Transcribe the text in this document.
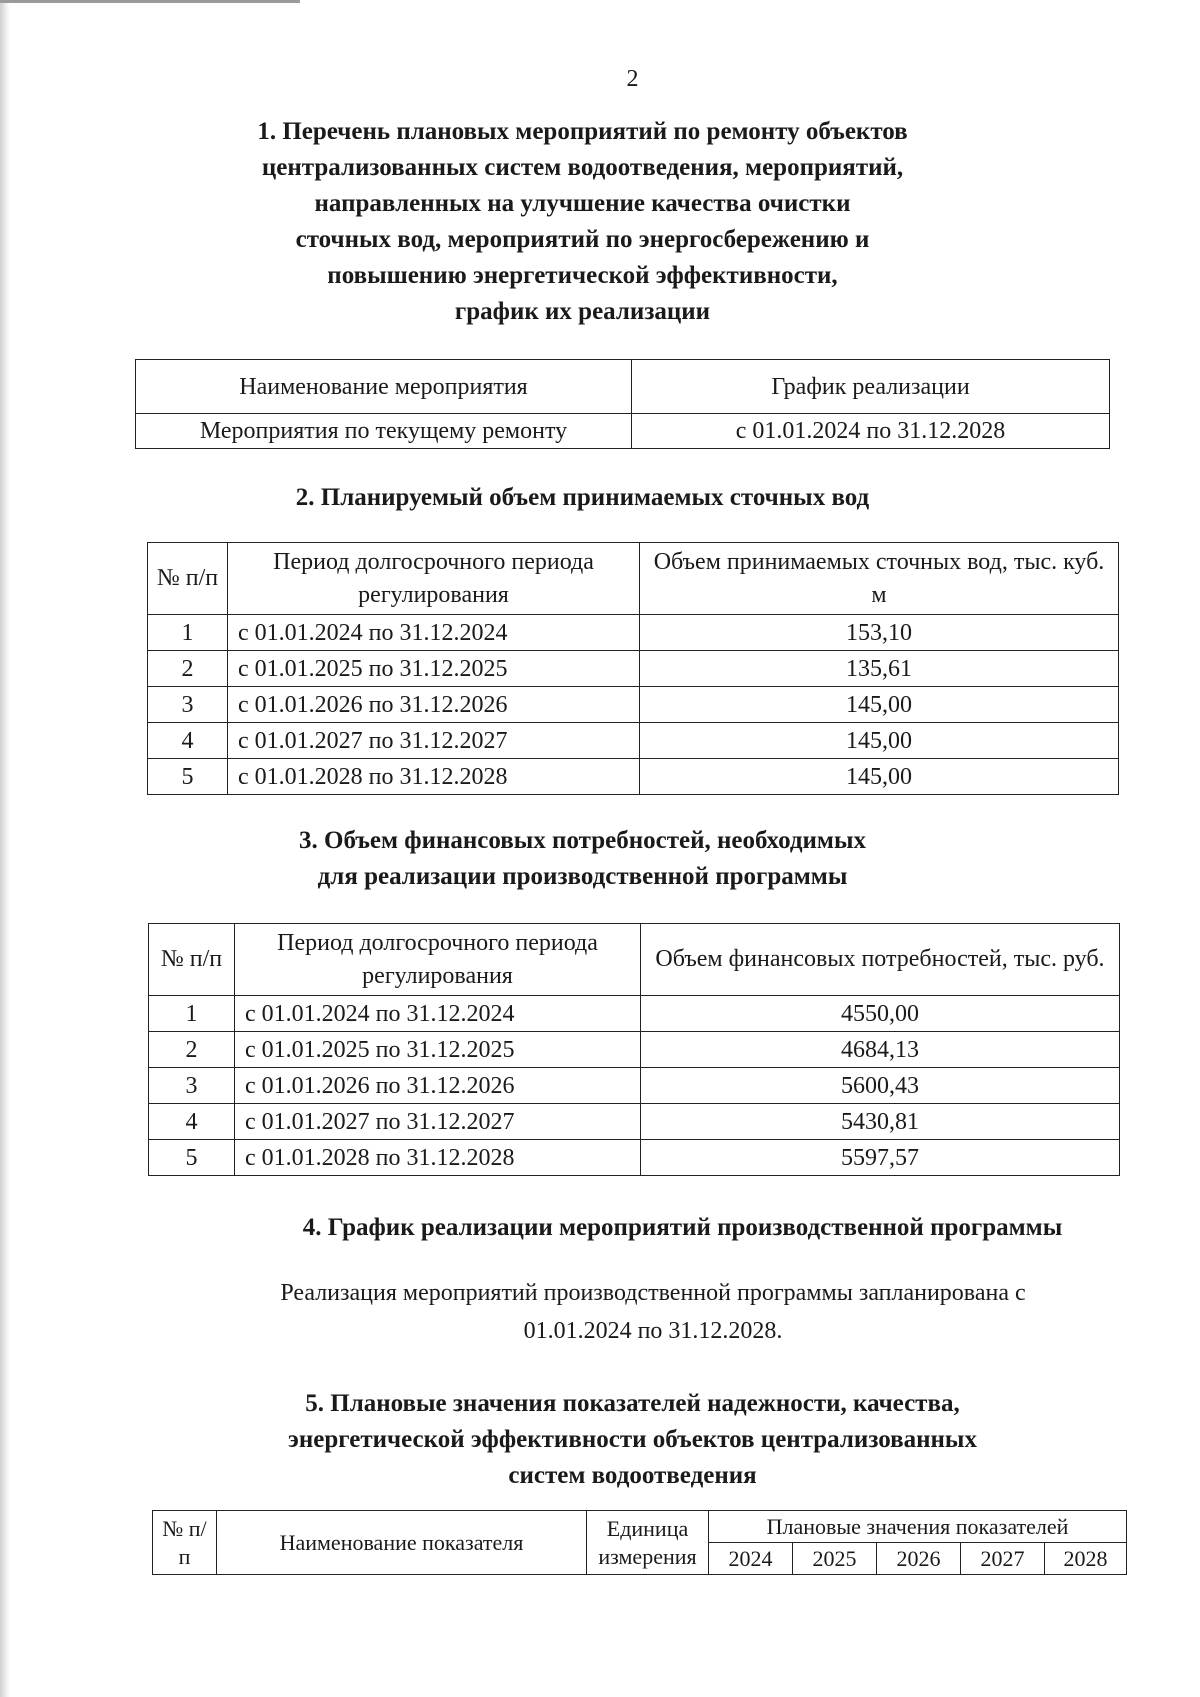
2
1. Перечень плановых мероприятий по ремонту объектов
централизованных систем водоотведения, мероприятий,
направленных на улучшение качества очистки
сточных вод, мероприятий по энергосбережению и
повышению энергетической эффективности,
график их реализации
Наименование мероприятия	График реализации
Мероприятия по текущему ремонту	с 01.01.2024 по 31.12.2028
2. Планируемый объем принимаемых сточных вод
№ п/п	Период долгосрочного периода регулирования	Объем принимаемых сточных вод, тыс. куб. м
1	с 01.01.2024 по 31.12.2024	153,10
2	с 01.01.2025 по 31.12.2025	135,61
3	с 01.01.2026 по 31.12.2026	145,00
4	с 01.01.2027 по 31.12.2027	145,00
5	с 01.01.2028 по 31.12.2028	145,00
3. Объем финансовых потребностей, необходимых
для реализации производственной программы
№ п/п	Период долгосрочного периода регулирования	Объем финансовых потребностей, тыс. руб.
1	с 01.01.2024 по 31.12.2024	4550,00
2	с 01.01.2025 по 31.12.2025	4684,13
3	с 01.01.2026 по 31.12.2026	5600,43
4	с 01.01.2027 по 31.12.2027	5430,81
5	с 01.01.2028 по 31.12.2028	5597,57
4. График реализации мероприятий производственной программы

Реализация мероприятий производственной программы запланирована с
01.01.2024 по 31.12.2028.

5. Плановые значения показателей надежности, качества,
энергетической эффективности объектов централизованных
систем водоотведения
№ п/п	Наименование показателя	Единица измерения	Плановые значения показателей				
			2024	2025	2026	2027	2028
